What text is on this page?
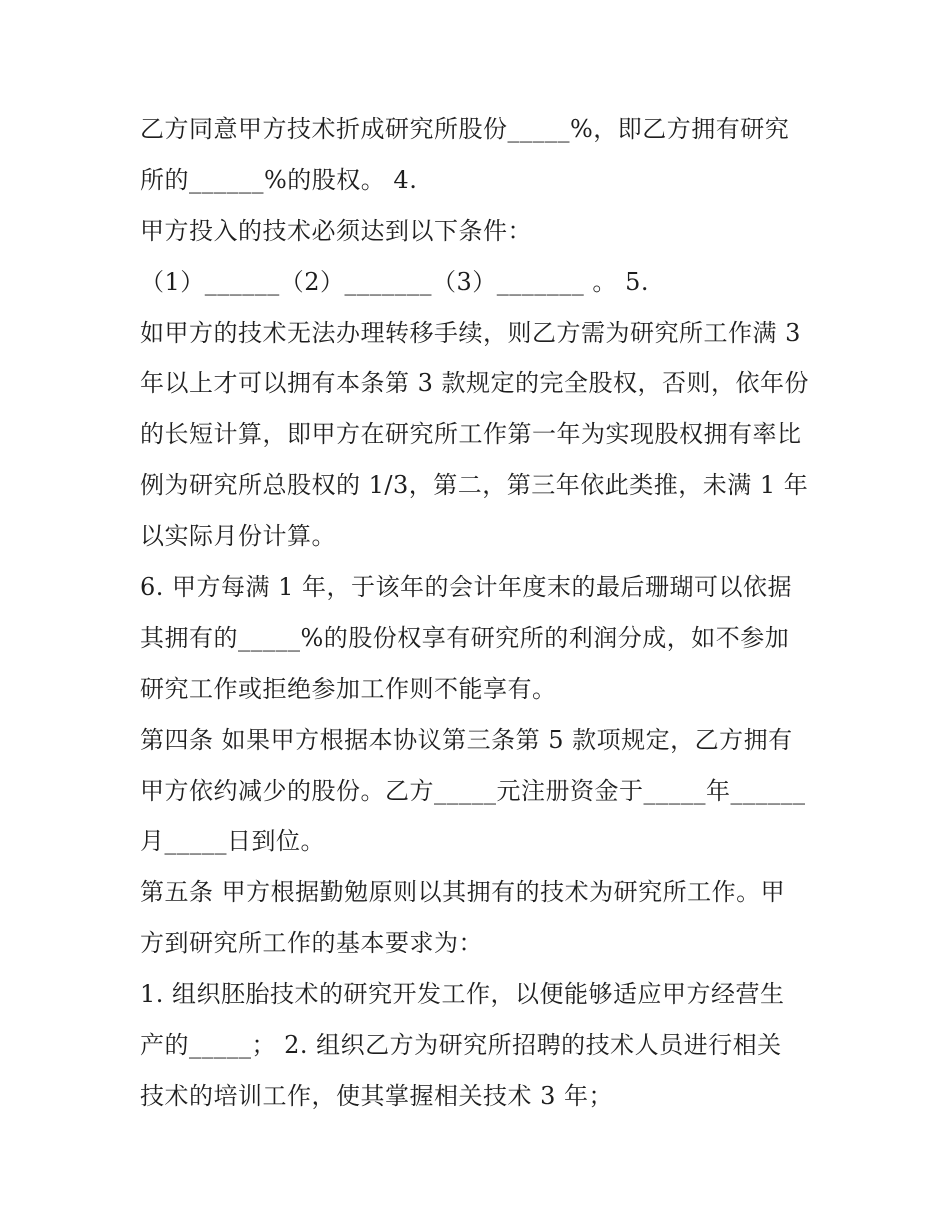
乙方同意甲方技术折成研究所股份_____%，即乙方拥有研究
所的______%的股权。 4.
甲方投入的技术必须达到以下条件：
（1）______（2）_______（3）_______ 。 5.
如甲方的技术无法办理转移手续，则乙方需为研究所工作满 3
年以上才可以拥有本条第 3 款规定的完全股权，否则，依年份
的长短计算，即甲方在研究所工作第一年为实现股权拥有率比
例为研究所总股权的 1/3，第二，第三年依此类推，未满 1 年
以实际月份计算。
6. 甲方每满 1 年，于该年的会计年度末的最后珊瑚可以依据
其拥有的_____%的股份权享有研究所的利润分成，如不参加
研究工作或拒绝参加工作则不能享有。
第四条 如果甲方根据本协议第三条第 5 款项规定，乙方拥有
甲方依约减少的股份。乙方_____元注册资金于_____年______
月_____日到位。
第五条 甲方根据勤勉原则以其拥有的技术为研究所工作。甲
方到研究所工作的基本要求为：
1. 组织胚胎技术的研究开发工作，以便能够适应甲方经营生
产的_____； 2. 组织乙方为研究所招聘的技术人员进行相关
技术的培训工作，使其掌握相关技术 3 年；
